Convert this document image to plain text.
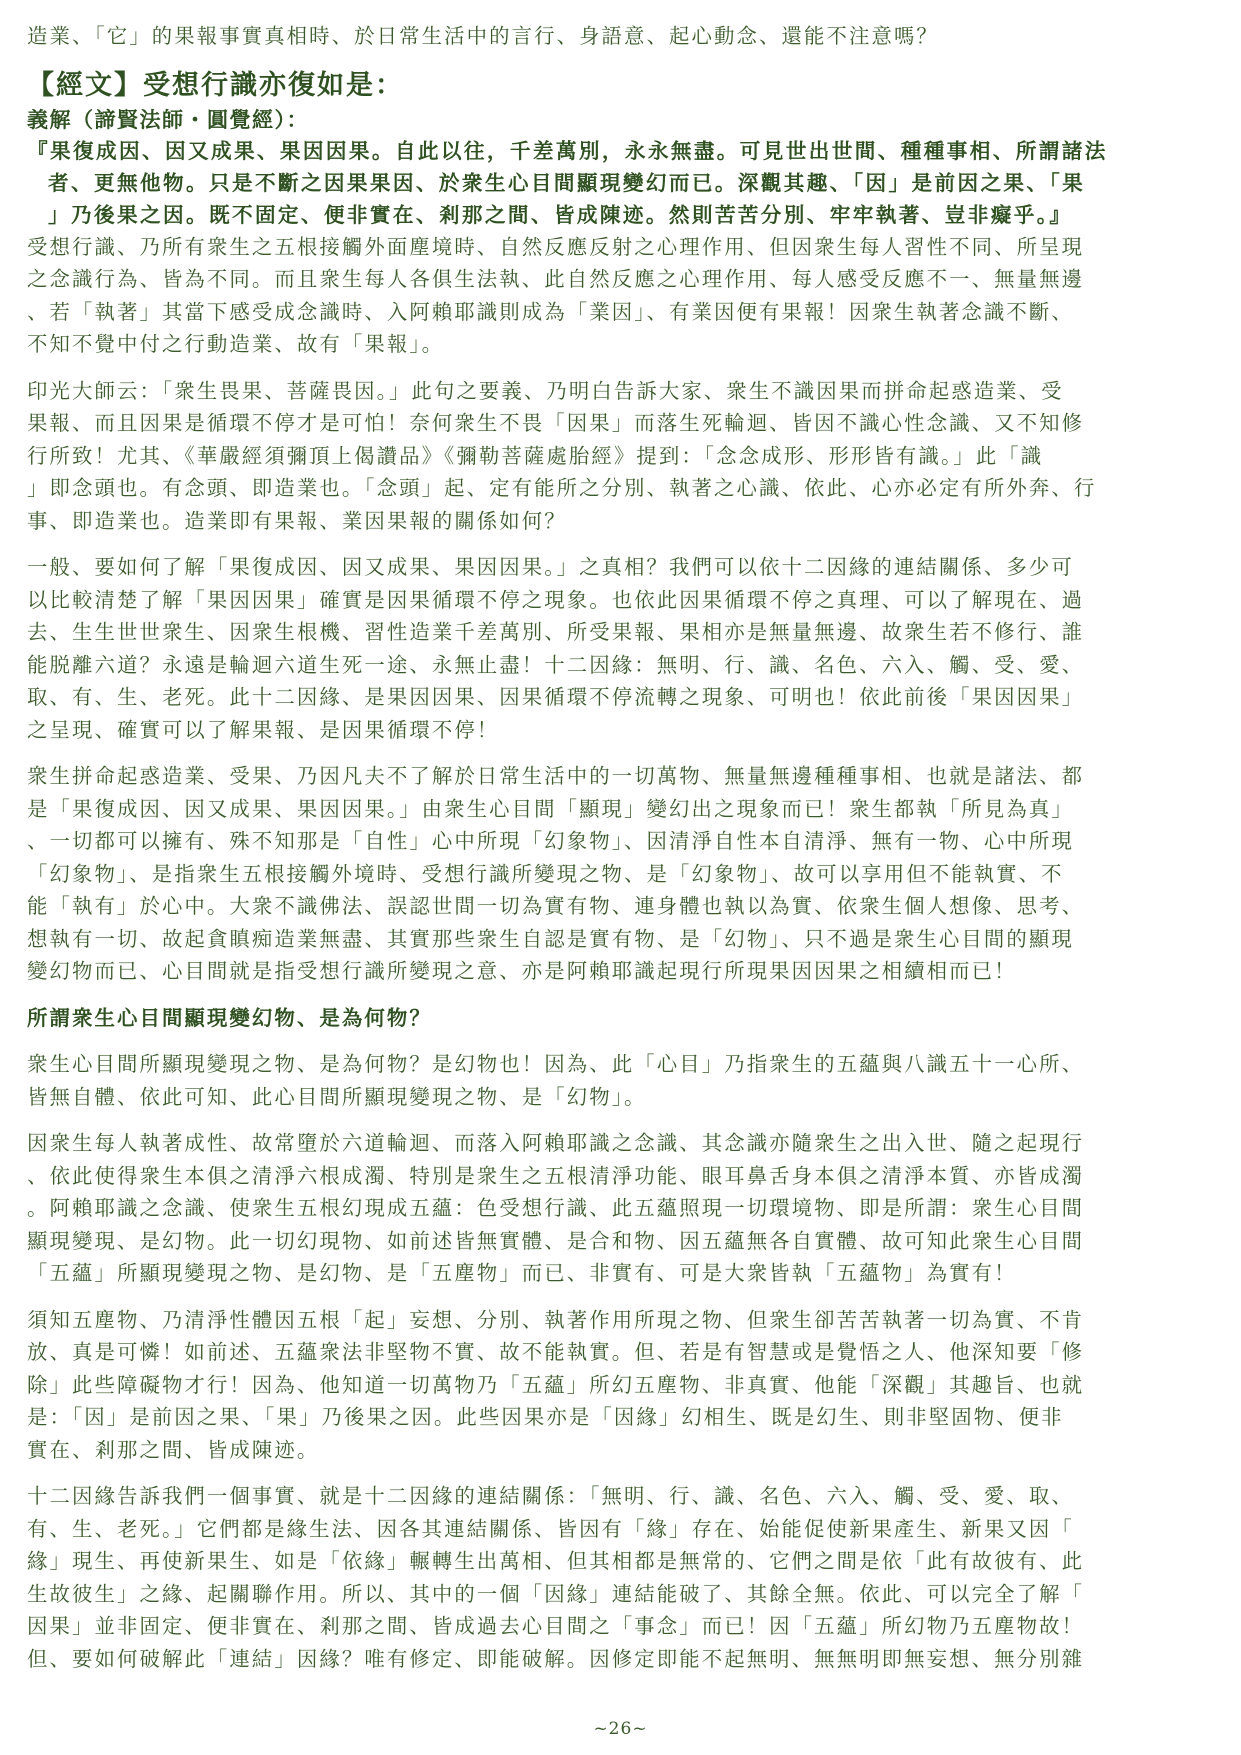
造業、「它」的果報事實真相時、於日常生活中的言行、身語意、起心動念、還能不注意嗎？

【經文】受想行識亦復如是：
義解（諦賢法師・圓覺經）：

『果復成因、因又成果、果因因果。自此以往，千差萬別，永永無盡。可見世出世間、種種事相、所謂諸法

者、更無他物。只是不斷之因果果因、於衆生心目間顯現變幻而已。深觀其趣、「因」是前因之果、「果

」乃後果之因。既不固定、便非實在、剎那之間、皆成陳迹。然則苦苦分別、牢牢執著、豈非癡乎。』

受想行識、乃所有衆生之五根接觸外面塵境時、自然反應反射之心理作用、但因衆生每人習性不同、所呈現

之念識行為、皆為不同。而且衆生每人各俱生法執、此自然反應之心理作用、每人感受反應不一、無量無邊

、若「執著」其當下感受成念識時、入阿賴耶識則成為「業因」、有業因便有果報！因衆生執著念識不斷、

不知不覺中付之行動造業、故有「果報」。

印光大師云：「衆生畏果、菩薩畏因。」此句之要義、乃明白告訴大家、衆生不識因果而拼命起惑造業、受

果報、而且因果是循環不停才是可怕！奈何衆生不畏「因果」而落生死輪迴、皆因不識心性念識、又不知修

行所致！尤其、《華嚴經須彌頂上偈讚品》《彌勒菩薩處胎經》提到：「念念成形、形形皆有識。」此「識

」即念頭也。有念頭、即造業也。「念頭」起、定有能所之分別、執著之心識、依此、心亦必定有所外奔、行

事、即造業也。造業即有果報、業因果報的關係如何？

一般、要如何了解「果復成因、因又成果、果因因果。」之真相？我們可以依十二因緣的連結關係、多少可

以比較清楚了解「果因因果」確實是因果循環不停之現象。也依此因果循環不停之真理、可以了解現在、過

去、生生世世衆生、因衆生根機、習性造業千差萬別、所受果報、果相亦是無量無邊、故衆生若不修行、誰

能脱離六道？永遠是輪迴六道生死一途、永無止盡！十二因緣：無明、行、識、名色、六入、觸、受、愛、

取、有、生、老死。此十二因緣、是果因因果、因果循環不停流轉之現象、可明也！依此前後「果因因果」

之呈現、確實可以了解果報、是因果循環不停！

衆生拼命起惑造業、受果、乃因凡夫不了解於日常生活中的一切萬物、無量無邊種種事相、也就是諸法、都

是「果復成因、因又成果、果因因果。」由衆生心目間「顯現」變幻出之現象而已！衆生都執「所見為真」

、一切都可以擁有、殊不知那是「自性」心中所現「幻象物」、因清淨自性本自清淨、無有一物、心中所現

「幻象物」、是指衆生五根接觸外境時、受想行識所變現之物、是「幻象物」、故可以享用但不能執實、不

能「執有」於心中。大衆不識佛法、誤認世間一切為實有物、連身體也執以為實、依衆生個人想像、思考、

想執有一切、故起貪瞋痴造業無盡、其實那些衆生自認是實有物、是「幻物」、只不過是衆生心目間的顯現

變幻物而已、心目間就是指受想行識所變現之意、亦是阿賴耶識起現行所現果因因果之相續相而已！

所謂衆生心目間顯現變幻物、是為何物？

衆生心目間所顯現變現之物、是為何物？是幻物也！因為、此「心目」乃指衆生的五蘊與八識五十一心所、

皆無自體、依此可知、此心目間所顯現變現之物、是「幻物」。

因衆生每人執著成性、故常墮於六道輪迴、而落入阿賴耶識之念識、其念識亦隨衆生之出入世、隨之起現行

、依此使得衆生本俱之清淨六根成濁、特別是衆生之五根清淨功能、眼耳鼻舌身本俱之清淨本質、亦皆成濁

。阿賴耶識之念識、使衆生五根幻現成五蘊：色受想行識、此五蘊照現一切環境物、即是所謂：衆生心目間

顯現變現、是幻物。此一切幻現物、如前述皆無實體、是合和物、因五蘊無各自實體、故可知此衆生心目間

「五蘊」所顯現變現之物、是幻物、是「五塵物」而已、非實有、可是大衆皆執「五蘊物」為實有！

須知五塵物、乃清淨性體因五根「起」妄想、分別、執著作用所現之物、但衆生卻苦苦執著一切為實、不肯

放、真是可憐！如前述、五蘊衆法非堅物不實、故不能執實。但、若是有智慧或是覺悟之人、他深知要「修

除」此些障礙物才行！因為、他知道一切萬物乃「五蘊」所幻五塵物、非真實、他能「深觀」其趣旨、也就

是：「因」是前因之果、「果」乃後果之因。此些因果亦是「因緣」幻相生、既是幻生、則非堅固物、便非

實在、剎那之間、皆成陳迹。

十二因緣告訴我們一個事實、就是十二因緣的連結關係：「無明、行、識、名色、六入、觸、受、愛、取、

有、生、老死。」它們都是緣生法、因各其連結關係、皆因有「緣」存在、始能促使新果產生、新果又因「

緣」現生、再使新果生、如是「依緣」輾轉生出萬相、但其相都是無常的、它們之間是依「此有故彼有、此

生故彼生」之緣、起關聯作用。所以、其中的一個「因緣」連結能破了、其餘全無。依此、可以完全了解「

因果」並非固定、便非實在、剎那之間、皆成過去心目間之「事念」而已！因「五蘊」所幻物乃五塵物故！

但、要如何破解此「連結」因緣？唯有修定、即能破解。因修定即能不起無明、無無明即無妄想、無分別雜

~26~
